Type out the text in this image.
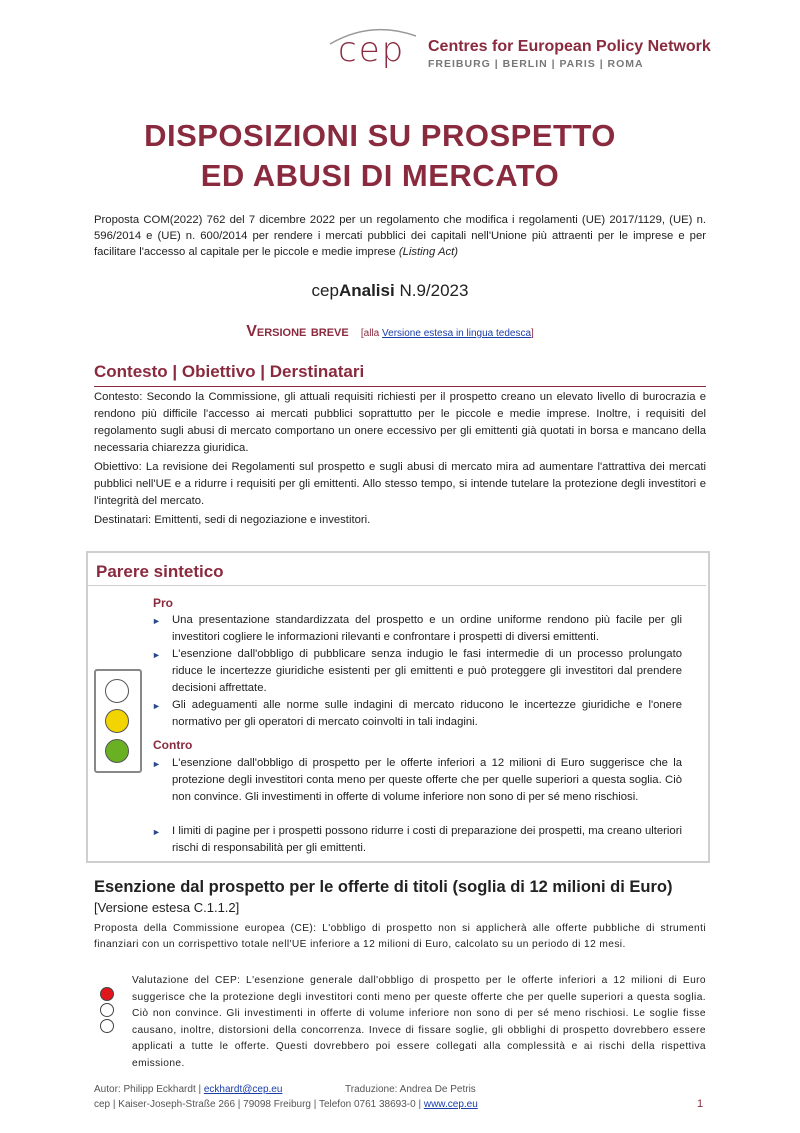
cep Centres for European Policy Network
FREIBURG | BERLIN | PARIS | ROMA
DISPOSIZIONI SU PROSPETTO
ED ABUSI DI MERCATO
Proposta COM(2022) 762 del 7 dicembre 2022 per un regolamento che modifica i regolamenti (UE) 2017/1129, (UE) n. 596/2014 e (UE) n. 600/2014 per rendere i mercati pubblici dei capitali nell'Unione più attraenti per le imprese e per facilitare l'accesso al capitale per le piccole e medie imprese (Listing Act)
cepAnalisi N.9/2023
Versione breve [alla Versione estesa in lingua tedesca]
Contesto | Obiettivo | Derstinatari
Contesto: Secondo la Commissione, gli attuali requisiti richiesti per il prospetto creano un elevato livello di burocrazia e rendono più difficile l'accesso ai mercati pubblici soprattutto per le piccole e medie imprese. Inoltre, i requisiti del regolamento sugli abusi di mercato comportano un onere eccessivo per gli emittenti già quotati in borsa e mancano della necessaria chiarezza giuridica.
Obiettivo: La revisione dei Regolamenti sul prospetto e sugli abusi di mercato mira ad aumentare l'attrattiva dei mercati pubblici nell'UE e a ridurre i requisiti per gli emittenti. Allo stesso tempo, si intende tutelare la protezione degli investitori e l'integrità del mercato.
Destinatari: Emittenti, sedi di negoziazione e investitori.
Parere sintetico
Pro
► Una presentazione standardizzata del prospetto e un ordine uniforme rendono più facile per gli investitori cogliere le informazioni rilevanti e confrontare i prospetti di diversi emittenti.
► L'esenzione dall'obbligo di pubblicare senza indugio le fasi intermedie di un processo prolungato riduce le incertezze giuridiche esistenti per gli emittenti e può proteggere gli investitori dal prendere decisioni affrettate.
► Gli adeguamenti alle norme sulle indagini di mercato riducono le incertezze giuridiche e l'onere normativo per gli operatori di mercato coinvolti in tali indagini.
Contro
► L'esenzione dall'obbligo di prospetto per le offerte inferiori a 12 milioni di Euro suggerisce che la protezione degli investitori conta meno per queste offerte che per quelle superiori a questa soglia. Ciò non convince. Gli investimenti in offerte di volume inferiore non sono di per sé meno rischiosi.
► I limiti di pagine per i prospetti possono ridurre i costi di preparazione dei prospetti, ma creano ulteriori rischi di responsabilità per gli emittenti.
Esenzione dal prospetto per le offerte di titoli (soglia di 12 milioni di Euro)
[Versione estesa C.1.1.2]
Proposta della Commissione europea (CE): L'obbligo di prospetto non si applicherà alle offerte pubbliche di strumenti finanziari con un corrispettivo totale nell'UE inferiore a 12 milioni di Euro, calcolato su un periodo di 12 mesi.
Valutazione del CEP: L'esenzione generale dall'obbligo di prospetto per le offerte inferiori a 12 milioni di Euro suggerisce che la protezione degli investitori conti meno per queste offerte che per quelle superiori a questa soglia. Ciò non convince. Gli investimenti in offerte di volume inferiore non sono di per sé meno rischiosi. Le soglie fisse causano, inoltre, distorsioni della concorrenza. Invece di fissare soglie, gli obblighi di prospetto dovrebbero essere applicati a tutte le offerte. Questi dovrebbero poi essere collegati alla complessità e ai rischi della rispettiva emissione.
Autor: Philipp Eckhardt | eckhardt@cep.eu	Traduzione: Andrea De Petris
cep | Kaiser-Joseph-Straße 266 | 79098 Freiburg | Telefon 0761 38693-0 | www.cep.eu	1
